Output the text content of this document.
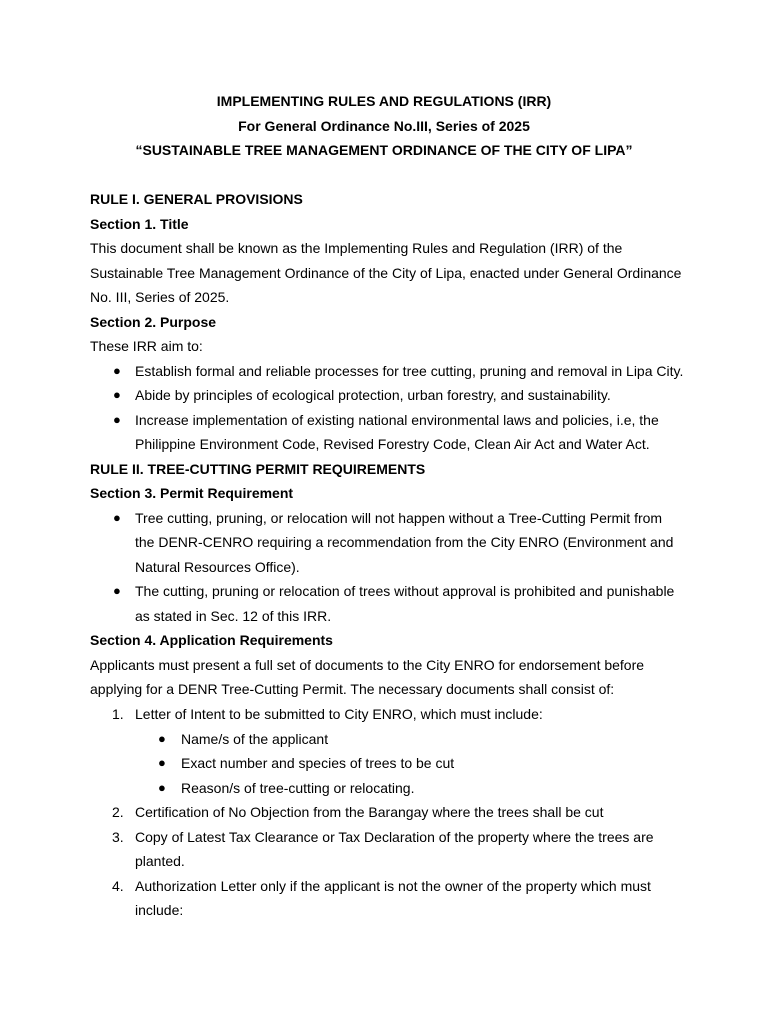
IMPLEMENTING RULES AND REGULATIONS (IRR)
For General Ordinance No.III, Series of 2025
“SUSTAINABLE TREE MANAGEMENT ORDINANCE OF THE CITY OF LIPA”
RULE I. GENERAL PROVISIONS
Section 1. Title
This document shall be known as the Implementing Rules and Regulation (IRR) of the
Sustainable Tree Management Ordinance of the City of Lipa, enacted under General Ordinance
No. III, Series of 2025.
Section 2. Purpose
These IRR aim to:
● Establish formal and reliable processes for tree cutting, pruning and removal in Lipa City.
● Abide by principles of ecological protection, urban forestry, and sustainability.
● Increase implementation of existing national environmental laws and policies, i.e, the
Philippine Environment Code, Revised Forestry Code, Clean Air Act and Water Act.
RULE II. TREE-CUTTING PERMIT REQUIREMENTS
Section 3. Permit Requirement
● Tree cutting, pruning, or relocation will not happen without a Tree-Cutting Permit from
the DENR-CENRO requiring a recommendation from the City ENRO (Environment and
Natural Resources Office).
● The cutting, pruning or relocation of trees without approval is prohibited and punishable
as stated in Sec. 12 of this IRR.
Section 4. Application Requirements
Applicants must present a full set of documents to the City ENRO for endorsement before
applying for a DENR Tree-Cutting Permit. The necessary documents shall consist of:
1. Letter of Intent to be submitted to City ENRO, which must include:
● Name/s of the applicant
● Exact number and species of trees to be cut
● Reason/s of tree-cutting or relocating.
2. Certification of No Objection from the Barangay where the trees shall be cut
3. Copy of Latest Tax Clearance or Tax Declaration of the property where the trees are
planted.
4. Authorization Letter only if the applicant is not the owner of the property which must
include:
